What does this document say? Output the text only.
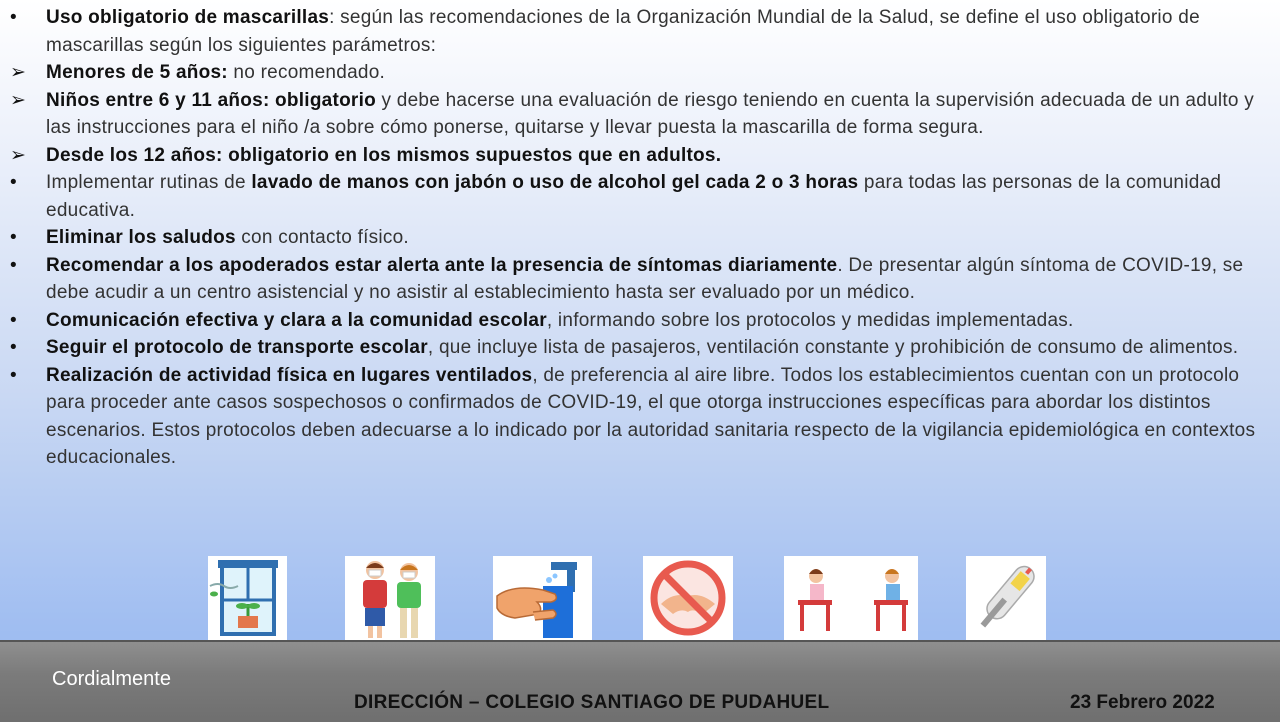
•	Uso obligatorio de mascarillas: según las recomendaciones de la Organización Mundial de la Salud, se define el uso obligatorio de mascarillas según los siguientes parámetros:
➢	Menores de 5 años: no recomendado.
➢	Niños entre 6 y 11 años: obligatorio y debe hacerse una evaluación de riesgo teniendo en cuenta la supervisión adecuada de un adulto y las instrucciones para el niño /a sobre cómo ponerse, quitarse y llevar puesta la mascarilla de forma segura.
➢	Desde los 12 años: obligatorio en los mismos supuestos que en adultos.
•	Implementar rutinas de lavado de manos con jabón o uso de alcohol gel cada 2 o 3 horas para todas las personas de la comunidad educativa.
•	Eliminar los saludos con contacto físico.
•	Recomendar a los apoderados estar alerta ante la presencia de síntomas diariamente. De presentar algún síntoma de COVID-19, se debe acudir a un centro asistencial y no asistir al establecimiento hasta ser evaluado por un médico.
•	Comunicación efectiva y clara a la comunidad escolar, informando sobre los protocolos y medidas implementadas.
•	Seguir el protocolo de transporte escolar, que incluye lista de pasajeros, ventilación constante y prohibición de consumo de alimentos.
•	Realización de actividad física en lugares ventilados, de preferencia al aire libre. Todos los establecimientos cuentan con un protocolo para proceder ante casos sospechosos o confirmados de COVID-19, el que otorga instrucciones específicas para abordar los distintos escenarios. Estos protocolos deben adecuarse a lo indicado por la autoridad sanitaria respecto de la vigilancia epidemiológica en contextos educacionales.
Cordialmente
DIRECCIÓN – COLEGIO SANTIAGO DE PUDAHUEL	23 Febrero 2022
